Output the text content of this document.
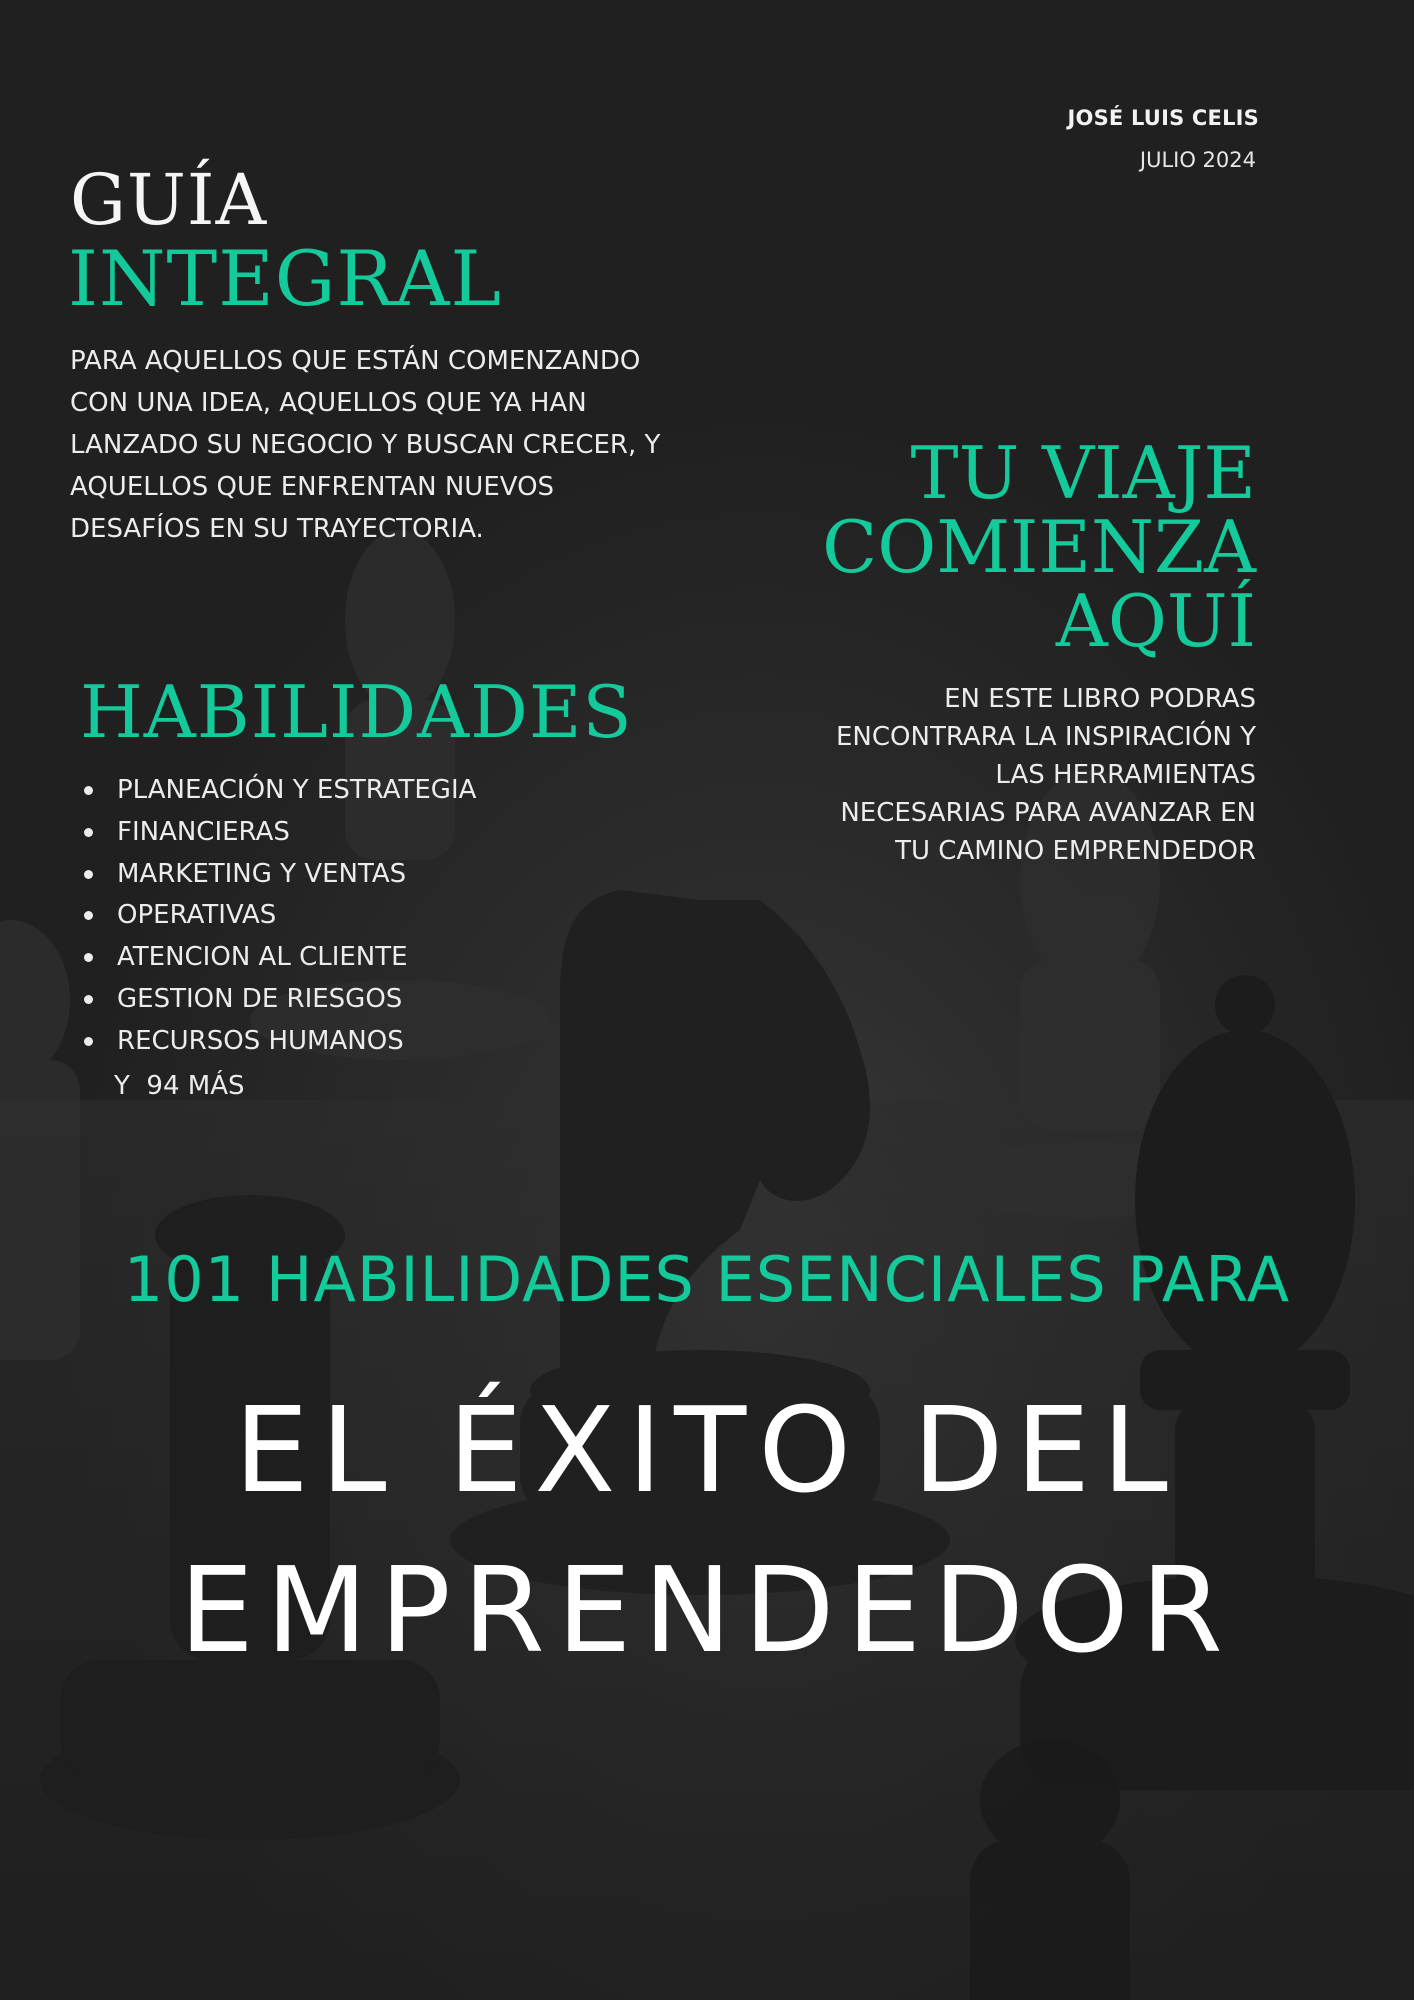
JOSÉ LUIS CELIS
JULIO 2024
GUÍA
INTEGRAL

PARA AQUELLOS QUE ESTÁN COMENZANDO CON UNA IDEA, AQUELLOS QUE YA HAN LANZADO SU NEGOCIO Y BUSCAN CRECER, Y AQUELLOS QUE ENFRENTAN NUEVOS DESAFÍOS EN SU TRAYECTORIA.

TU VIAJE
COMIENZA
AQUÍ

EN ESTE LIBRO PODRAS ENCONTRARA LA INSPIRACIÓN Y LAS HERRAMIENTAS NECESARIAS PARA AVANZAR EN TU CAMINO EMPRENDEDOR

HABILIDADES
PLANEACIÓN Y ESTRATEGIA
FINANCIERAS
MARKETING Y VENTAS
OPERATIVAS
ATENCION AL CLIENTE
GESTION DE RIESGOS
RECURSOS HUMANOS
Y  94 MÁS
101 HABILIDADES ESENCIALES PARA
EL ÉXITO DEL
EMPRENDEDOR
